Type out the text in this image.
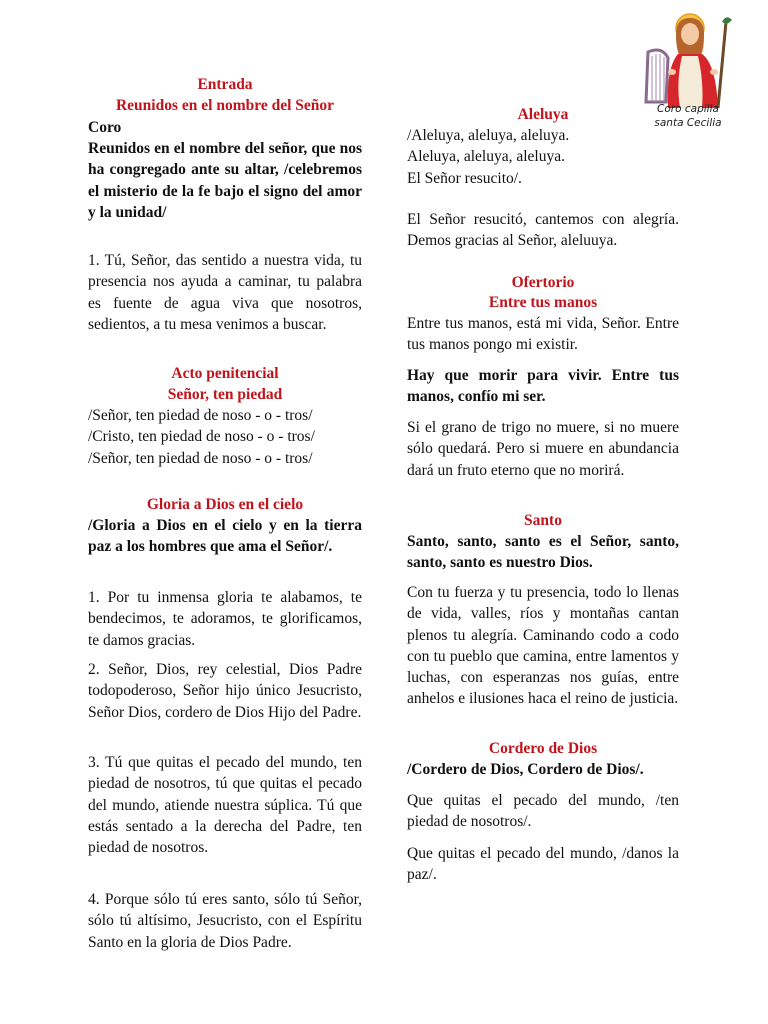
Entrada
Reunidos en el nombre del Señor
Coro

Reunidos en el nombre del señor, que nos ha congregado ante su altar, /celebremos el misterio de la fe bajo el signo del amor y la unidad/

1. Tú, Señor, das sentido a nuestra vida, tu presencia nos ayuda a caminar, tu palabra es fuente de agua viva que nosotros, sedientos, a tu mesa venimos a buscar.

Acto penitencial
Señor, ten piedad
/Señor, ten piedad de noso - o - tros/
/Cristo, ten piedad de noso - o - tros/
/Señor, ten piedad de noso - o - tros/
Gloria a Dios en el cielo

/Gloria a Dios en el cielo y en la tierra paz a los hombres que ama el Señor/.

1. Por tu inmensa gloria te alabamos, te bendecimos, te adoramos, te glorificamos, te damos gracias.

2. Señor, Dios, rey celestial, Dios Padre todopoderoso, Señor hijo único Jesucristo, Señor Dios, cordero de Dios Hijo del Padre.

3. Tú que quitas el pecado del mundo, ten piedad de nosotros, tú que quitas el pecado del mundo, atiende nuestra súplica. Tú que estás sentado a la derecha del Padre, ten piedad de nosotros.

4. Porque sólo tú eres santo, sólo tú Señor, sólo tú altísimo, Jesucristo, con el Espíritu Santo en la gloria de Dios Padre.

Aleluya
/Aleluya, aleluya, aleluya.
Aleluya, aleluya, aleluya.
El Señor resucito/.

El Señor resucitó, cantemos con alegría. Demos gracias al Señor, aleluuya.

Ofertorio
Entre tus manos

Entre tus manos, está mi vida, Señor. Entre tus manos pongo mi existir.

Hay que morir para vivir. Entre tus manos, confío mi ser.

Si el grano de trigo no muere, si no muere sólo quedará. Pero si muere en abundancia dará un fruto eterno que no morirá.

Santo

Santo, santo, santo es el Señor, santo, santo, santo es nuestro Dios.

Con tu fuerza y tu presencia, todo lo llenas de vida, valles, ríos y montañas cantan plenos tu alegría. Caminando codo a codo con tu pueblo que camina, entre lamentos y luchas, con esperanzas nos guías, entre anhelos e ilusiones haca el reino de justicia.

Cordero de Dios

/Cordero de Dios, Cordero de Dios/.

Que quitas el pecado del mundo, /ten piedad de nosotros/.

Que quitas el pecado del mundo, /danos la paz/.

Coro capilla
santa Cecilia
